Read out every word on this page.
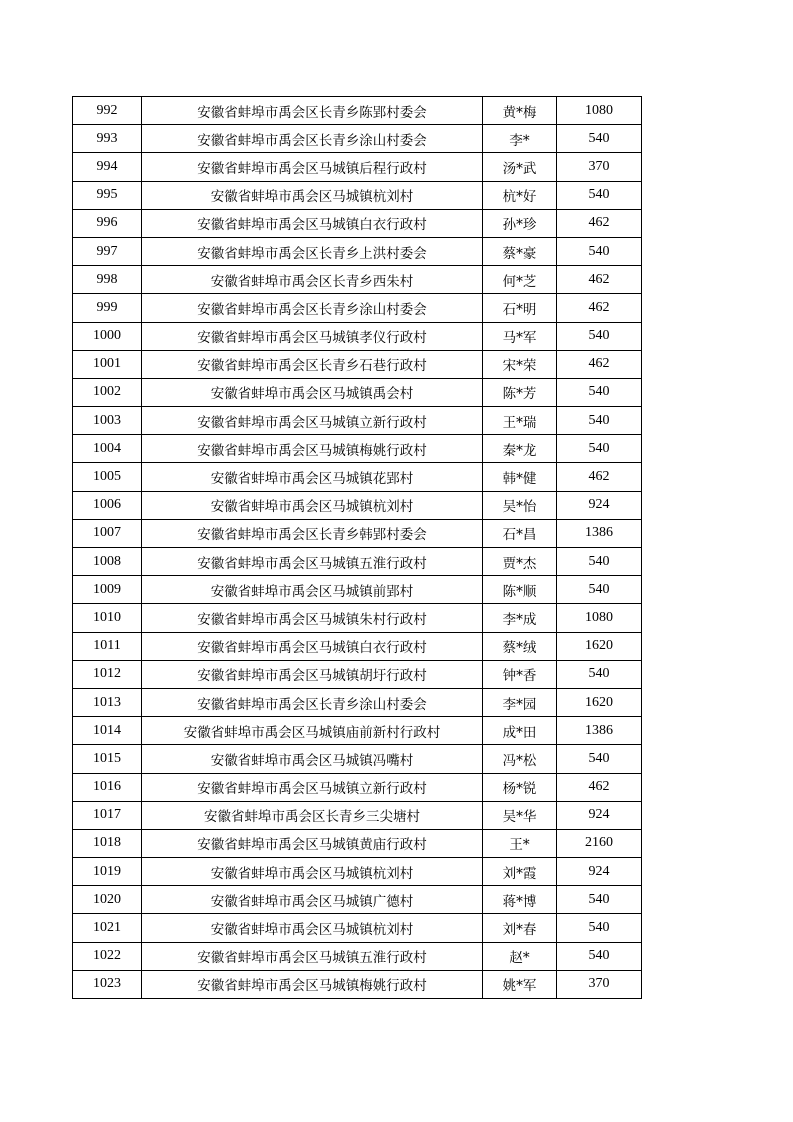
992	安徽省蚌埠市禹会区长青乡陈郢村委会	黄*梅	1080
993	安徽省蚌埠市禹会区长青乡涂山村委会	李*	540
994	安徽省蚌埠市禹会区马城镇后程行政村	汤*武	370
995	安徽省蚌埠市禹会区马城镇杭刘村	杭*好	540
996	安徽省蚌埠市禹会区马城镇白衣行政村	孙*珍	462
997	安徽省蚌埠市禹会区长青乡上洪村委会	蔡*豪	540
998	安徽省蚌埠市禹会区长青乡西朱村	何*芝	462
999	安徽省蚌埠市禹会区长青乡涂山村委会	石*明	462
1000	安徽省蚌埠市禹会区马城镇孝仪行政村	马*军	540
1001	安徽省蚌埠市禹会区长青乡石巷行政村	宋*荣	462
1002	安徽省蚌埠市禹会区马城镇禹会村	陈*芳	540
1003	安徽省蚌埠市禹会区马城镇立新行政村	王*瑞	540
1004	安徽省蚌埠市禹会区马城镇梅姚行政村	秦*龙	540
1005	安徽省蚌埠市禹会区马城镇花郢村	韩*健	462
1006	安徽省蚌埠市禹会区马城镇杭刘村	吴*怡	924
1007	安徽省蚌埠市禹会区长青乡韩郢村委会	石*昌	1386
1008	安徽省蚌埠市禹会区马城镇五淮行政村	贾*杰	540
1009	安徽省蚌埠市禹会区马城镇前郢村	陈*顺	540
1010	安徽省蚌埠市禹会区马城镇朱村行政村	李*成	1080
1011	安徽省蚌埠市禹会区马城镇白衣行政村	蔡*绒	1620
1012	安徽省蚌埠市禹会区马城镇胡圩行政村	钟*香	540
1013	安徽省蚌埠市禹会区长青乡涂山村委会	李*园	1620
1014	安徽省蚌埠市禹会区马城镇庙前新村行政村	成*田	1386
1015	安徽省蚌埠市禹会区马城镇冯嘴村	冯*松	540
1016	安徽省蚌埠市禹会区马城镇立新行政村	杨*锐	462
1017	安徽省蚌埠市禹会区长青乡三尖塘村	吴*华	924
1018	安徽省蚌埠市禹会区马城镇黄庙行政村	王*	2160
1019	安徽省蚌埠市禹会区马城镇杭刘村	刘*霞	924
1020	安徽省蚌埠市禹会区马城镇广德村	蒋*博	540
1021	安徽省蚌埠市禹会区马城镇杭刘村	刘*春	540
1022	安徽省蚌埠市禹会区马城镇五淮行政村	赵*	540
1023	安徽省蚌埠市禹会区马城镇梅姚行政村	姚*军	370
